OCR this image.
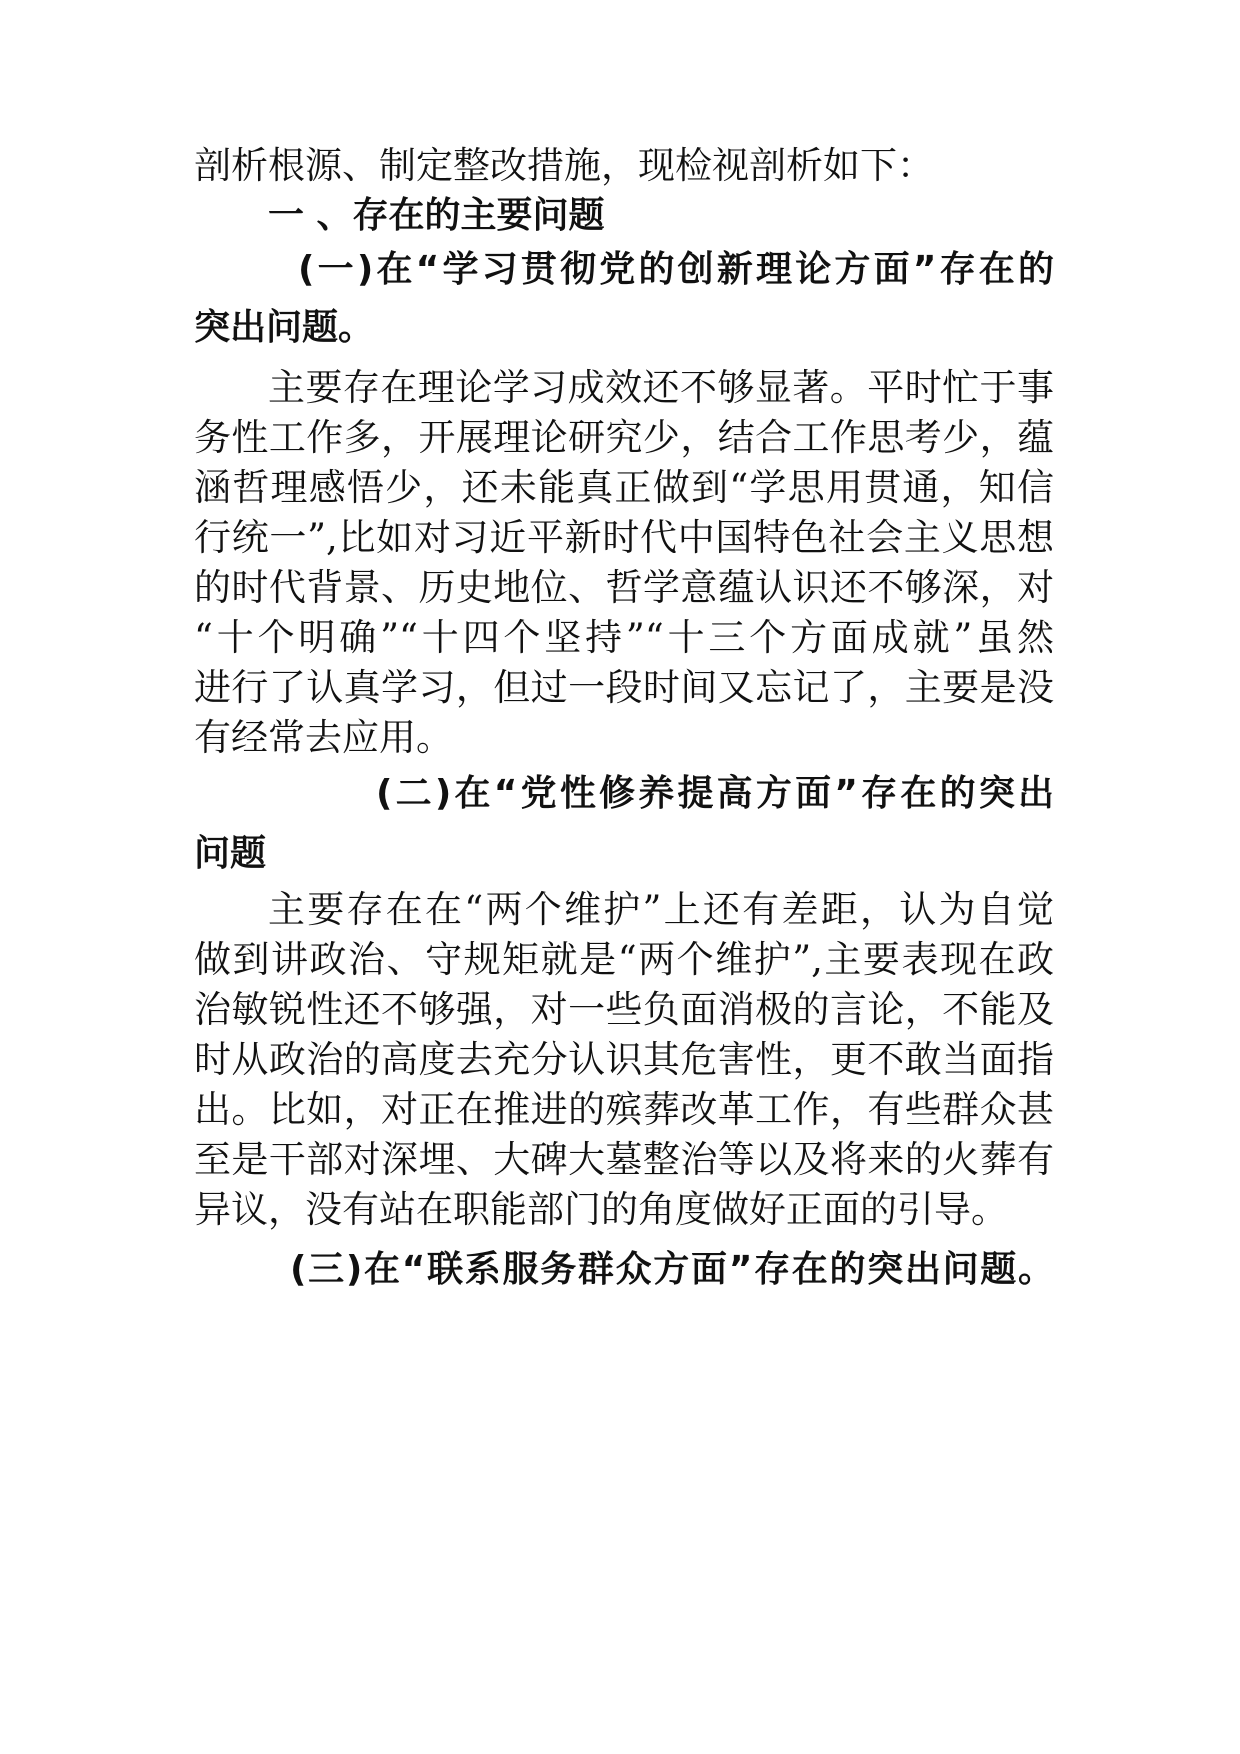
剖析根源、制定整改措施，现检视剖析如下：

一 、存在的主要问题

(一)在“学习贯彻党的创新理论方面”存在的

突出问题。

主要存在理论学习成效还不够显著。平时忙于事

务性工作多，开展理论研究少，结合工作思考少，蕴

涵哲理感悟少，还未能真正做到“学思用贯通，知信

行统一”,比如对习近平新时代中国特色社会主义思想

的时代背景、历史地位、哲学意蕴认识还不够深，对

“十个明确”“十四个坚持”“十三个方面成就”虽然

进行了认真学习，但过一段时间又忘记了，主要是没

有经常去应用。

(二)在“党性修养提高方面”存在的突出

问题

主要存在在“两个维护”上还有差距，认为自觉

做到讲政治、守规矩就是“两个维护”,主要表现在政

治敏锐性还不够强，对一些负面消极的言论，不能及

时从政治的高度去充分认识其危害性，更不敢当面指

出。比如，对正在推进的殡葬改革工作，有些群众甚

至是干部对深埋、大碑大墓整治等以及将来的火葬有

异议，没有站在职能部门的角度做好正面的引导。

(三)在“联系服务群众方面”存在的突出问题。
